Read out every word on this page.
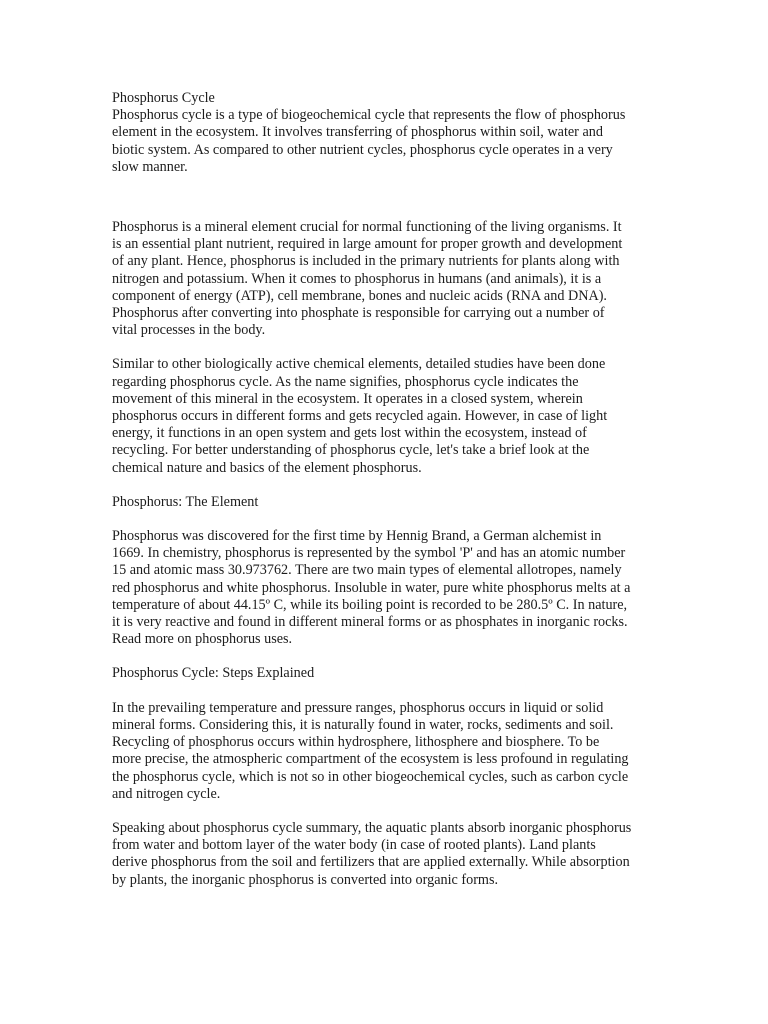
Phosphorus Cycle

Phosphorus cycle is a type of biogeochemical cycle that represents the flow of phosphorus element in the ecosystem. It involves transferring of phosphorus within soil, water and biotic system. As compared to other nutrient cycles, phosphorus cycle operates in a very slow manner.

Phosphorus is a mineral element crucial for normal functioning of the living organisms. It is an essential plant nutrient, required in large amount for proper growth and development of any plant. Hence, phosphorus is included in the primary nutrients for plants along with nitrogen and potassium. When it comes to phosphorus in humans (and animals), it is a component of energy (ATP), cell membrane, bones and nucleic acids (RNA and DNA). Phosphorus after converting into phosphate is responsible for carrying out a number of vital processes in the body.

Similar to other biologically active chemical elements, detailed studies have been done regarding phosphorus cycle. As the name signifies, phosphorus cycle indicates the movement of this mineral in the ecosystem. It operates in a closed system, wherein phosphorus occurs in different forms and gets recycled again. However, in case of light energy, it functions in an open system and gets lost within the ecosystem, instead of recycling. For better understanding of phosphorus cycle, let's take a brief look at the chemical nature and basics of the element phosphorus.

Phosphorus: The Element

Phosphorus was discovered for the first time by Hennig Brand, a German alchemist in 1669. In chemistry, phosphorus is represented by the symbol 'P' and has an atomic number 15 and atomic mass 30.973762. There are two main types of elemental allotropes, namely red phosphorus and white phosphorus. Insoluble in water, pure white phosphorus melts at a temperature of about 44.15º C, while its boiling point is recorded to be 280.5º C. In nature, it is very reactive and found in different mineral forms or as phosphates in inorganic rocks. Read more on phosphorus uses.

Phosphorus Cycle: Steps Explained

In the prevailing temperature and pressure ranges, phosphorus occurs in liquid or solid mineral forms. Considering this, it is naturally found in water, rocks, sediments and soil. Recycling of phosphorus occurs within hydrosphere, lithosphere and biosphere. To be more precise, the atmospheric compartment of the ecosystem is less profound in regulating the phosphorus cycle, which is not so in other biogeochemical cycles, such as carbon cycle and nitrogen cycle.

Speaking about phosphorus cycle summary, the aquatic plants absorb inorganic phosphorus from water and bottom layer of the water body (in case of rooted plants). Land plants derive phosphorus from the soil and fertilizers that are applied externally. While absorption by plants, the inorganic phosphorus is converted into organic forms.
